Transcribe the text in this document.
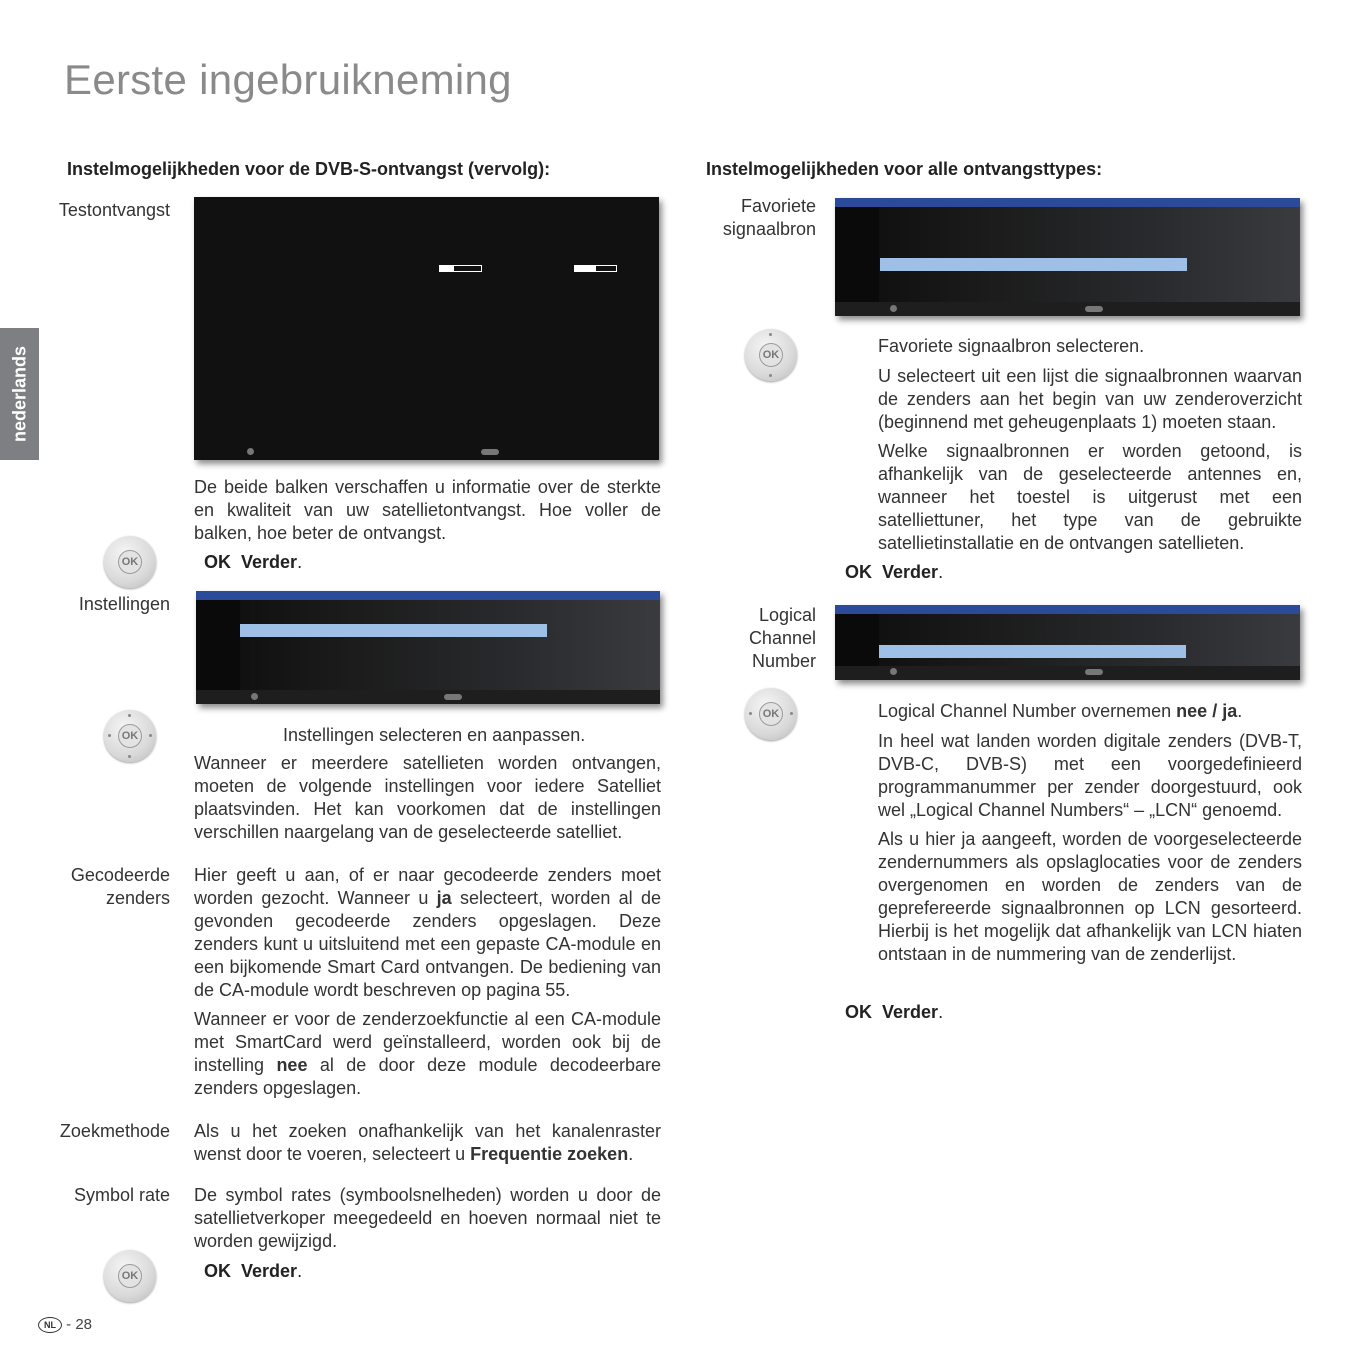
Eerste ingebruikneming
nederlands
Instelmogelijkheden voor de DVB-S-ontvangst (vervolg):
Testontvangst
De beide balken verschaffen u informatie over de sterkte en kwaliteit van uw satellietontvangst. Hoe voller de balken, hoe beter de ontvangst.
OK	OK Verder.
Instellingen
OK	Instellingen selecteren en aanpassen.
Wanneer er meerdere satellieten worden ontvangen, moeten de volgende instellingen voor iedere Satelliet plaatsvinden. Het kan voorkomen dat de instellingen verschillen naargelang van de geselecteerde satelliet.
Gecodeerde
zenders

Hier geeft u aan, of er naar gecodeerde zenders moet worden gezocht. Wanneer u ja selecteert, worden al de gevonden gecodeerde zenders opgeslagen. Deze zenders kunt u uitsluitend met een gepaste CA-module en een bijkomende Smart Card ontvangen. De bediening van de CA-module wordt beschreven op pagina 55.

Wanneer er voor de zenderzoekfunctie al een CA-module met SmartCard werd geïnstalleerd, worden ook bij de instelling nee al de door deze module decodeerbare zenders opgeslagen.

Zoekmethode Als u het zoeken onafhankelijk van het kanalenraster wenst door te voeren, selecteert u Frequentie zoeken.
Symbol rate De symbol rates (symboolsnelheden) worden u door de satellietverkoper meegedeeld en hoeven normaal niet te worden gewijzigd.
OK	OK Verder.
Instelmogelijkheden voor alle ontvangsttypes:
Favoriete
signaalbron
OK	Favoriete signaalbron selecteren.
U selecteert uit een lijst die signaalbronnen waarvan de zenders aan het begin van uw zenderoverzicht (beginnend met geheugenplaats 1) moeten staan.
Welke signaalbronnen er worden getoond, is afhankelijk van de geselecteerde antennes en, wanneer het toestel is uitgerust met een satelliettuner, het type van de gebruikte satellietinstallatie en de ontvangen satellieten.
OK Verder.
Logical
Channel
Number
OK	Logical Channel Number overnemen nee / ja.
In heel wat landen worden digitale zenders (DVB-T, DVB-C, DVB-S) met een voorgedefinieerd programmanummer per zender doorgestuurd, ook wel „Logical Channel Numbers“ – „LCN“ genoemd.
Als u hier ja aangeeft, worden de voorgeselecteerde zendernummers als opslaglocaties voor de zenders overgenomen en worden de zenders van de geprefereerde signaalbronnen op LCN gesorteerd. Hierbij is het mogelijk dat afhankelijk van LCN hiaten ontstaan in de nummering van de zenderlijst.
OK Verder.
NL - 28
